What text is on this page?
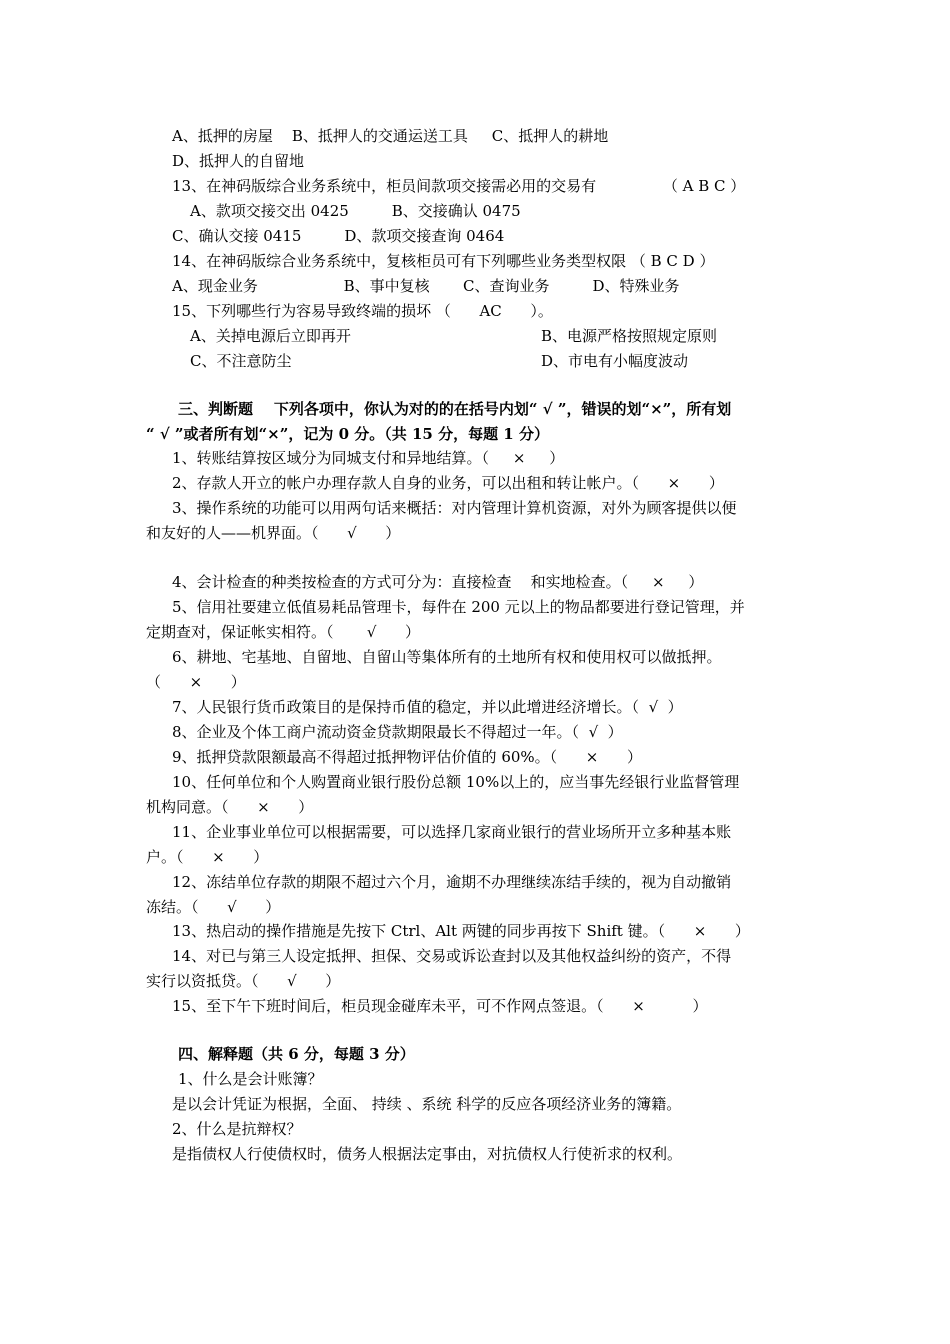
A、抵押的房屋    B、抵押人的交通运送工具     C、抵押人的耕地
D、抵押人的自留地
13、在神码版综合业务系统中，柜员间款项交接需必用的交易有              （ A B C ）
A、款项交接交出 0425         B、交接确认 0475
C、确认交接 0415         D、款项交接查询 0464
14、在神码版综合业务系统中，复核柜员可有下列哪些业务类型权限 （ B C D ）
A、现金业务                  B、事中复核       C、查询业务         D、特殊业务
15、下列哪些行为容易导致终端的损坏 （      AC      ）。
A、关掉电源后立即再开	B、电源严格按照规定原则
C、不注意防尘	D、市电有小幅度波动
三、判断题    下列各项中，你认为对的的在括号内划“ √ ”，错误的划“×”，所有划
“ √ ”或者所有划“×”，记为 0 分。（共 15 分，每题 1 分）
1、转账结算按区域分为同城支付和异地结算。（     ×     ）
2、存款人开立的帐户办理存款人自身的业务，可以出租和转让帐户。（      ×      ）
3、操作系统的功能可以用两句话来概括：对内管理计算机资源，对外为顾客提供以便
和友好的人——机界面。（      √      ）
4、会计检查的种类按检查的方式可分为：直接检查    和实地检查。（     ×     ）
5、信用社要建立低值易耗品管理卡，每件在 200 元以上的物品都要进行登记管理，并
定期查对，保证帐实相符。（       √      ）
6、耕地、宅基地、自留地、自留山等集体所有的土地所有权和使用权可以做抵押。
（      ×      ）
7、人民银行货币政策目的是保持币值的稳定，并以此增进经济增长。（  √  ）
8、企业及个体工商户流动资金贷款期限最长不得超过一年。（  √  ）
9、抵押贷款限额最高不得超过抵押物评估价值的 60%。（      ×      ）
10、任何单位和个人购置商业银行股份总额 10%以上的，应当事先经银行业监督管理
机构同意。（      ×      ）
11、企业事业单位可以根据需要，可以选择几家商业银行的营业场所开立多种基本账
户。（      ×      ）
12、冻结单位存款的期限不超过六个月，逾期不办理继续冻结手续的，视为自动撤销
冻结。（      √      ）
13、热启动的操作措施是先按下 Ctrl、Alt 两键的同步再按下 Shift 键。（      ×      ）
14、对已与第三人设定抵押、担保、交易或诉讼查封以及其他权益纠纷的资产，不得
实行以资抵贷。（      √      ）
15、至下午下班时间后，柜员现金碰库未平，可不作网点签退。（      ×          ）
四、解释题（共 6 分，每题 3 分）
1、什么是会计账簿？
是以会计凭证为根据，全面、 持续 、系统 科学的反应各项经济业务的簿籍。
2、什么是抗辩权？
是指债权人行使债权时，债务人根据法定事由，对抗债权人行使祈求的权利。
